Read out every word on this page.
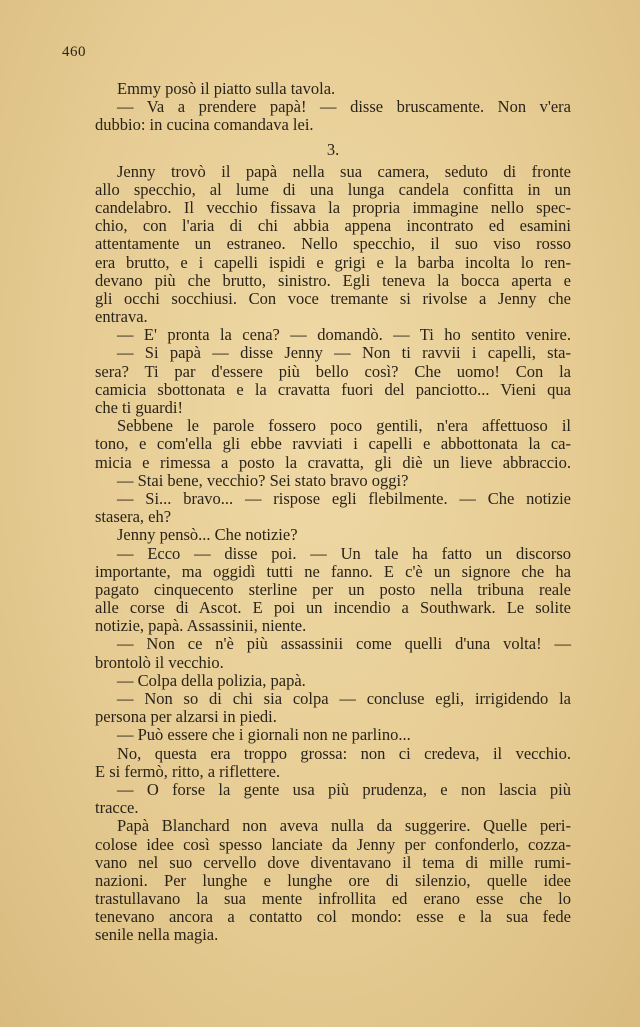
460
Emmy posò il piatto sulla tavola.
— Va a prendere papà! — disse bruscamente. Non v'era
dubbio: in cucina comandava lei.
3.
Jenny trovò il papà nella sua camera, seduto di fronte
allo specchio, al lume di una lunga candela confitta in un
candelabro. Il vecchio fissava la propria immagine nello spec-
chio, con l'aria di chi abbia appena incontrato ed esamini
attentamente un estraneo. Nello specchio, il suo viso rosso
era brutto, e i capelli ispidi e grigi e la barba incolta lo ren-
devano più che brutto, sinistro. Egli teneva la bocca aperta e
gli occhi socchiusi. Con voce tremante si rivolse a Jenny che
entrava.
— E' pronta la cena? — domandò. — Ti ho sentito venire.
— Si papà — disse Jenny — Non ti ravvii i capelli, sta-
sera? Ti par d'essere più bello così? Che uomo! Con la
camicia sbottonata e la cravatta fuori del panciotto... Vieni qua
che ti guardi!
Sebbene le parole fossero poco gentili, n'era affettuoso il
tono, e com'ella gli ebbe ravviati i capelli e abbottonata la ca-
micia e rimessa a posto la cravatta, gli diè un lieve abbraccio.
— Stai bene, vecchio? Sei stato bravo oggi?
— Si... bravo... — rispose egli flebilmente. — Che notizie
stasera, eh?
Jenny pensò... Che notizie?
— Ecco — disse poi. — Un tale ha fatto un discorso
importante, ma oggidì tutti ne fanno. E c'è un signore che ha
pagato cinquecento sterline per un posto nella tribuna reale
alle corse di Ascot. E poi un incendio a Southwark. Le solite
notizie, papà. Assassinii, niente.
— Non ce n'è più assassinii come quelli d'una volta! —
brontolò il vecchio.
— Colpa della polizia, papà.
— Non so di chi sia colpa — concluse egli, irrigidendo la
persona per alzarsi in piedi.
— Può essere che i giornali non ne parlino...
No, questa era troppo grossa: non ci credeva, il vecchio.
E si fermò, ritto, a riflettere.
— O forse la gente usa più prudenza, e non lascia più
tracce.
Papà Blanchard non aveva nulla da suggerire. Quelle peri-
colose idee così spesso lanciate da Jenny per confonderlo, cozza-
vano nel suo cervello dove diventavano il tema di mille rumi-
nazioni. Per lunghe e lunghe ore di silenzio, quelle idee
trastullavano la sua mente infrollita ed erano esse che lo
tenevano ancora a contatto col mondo: esse e la sua fede
senile nella magia.
